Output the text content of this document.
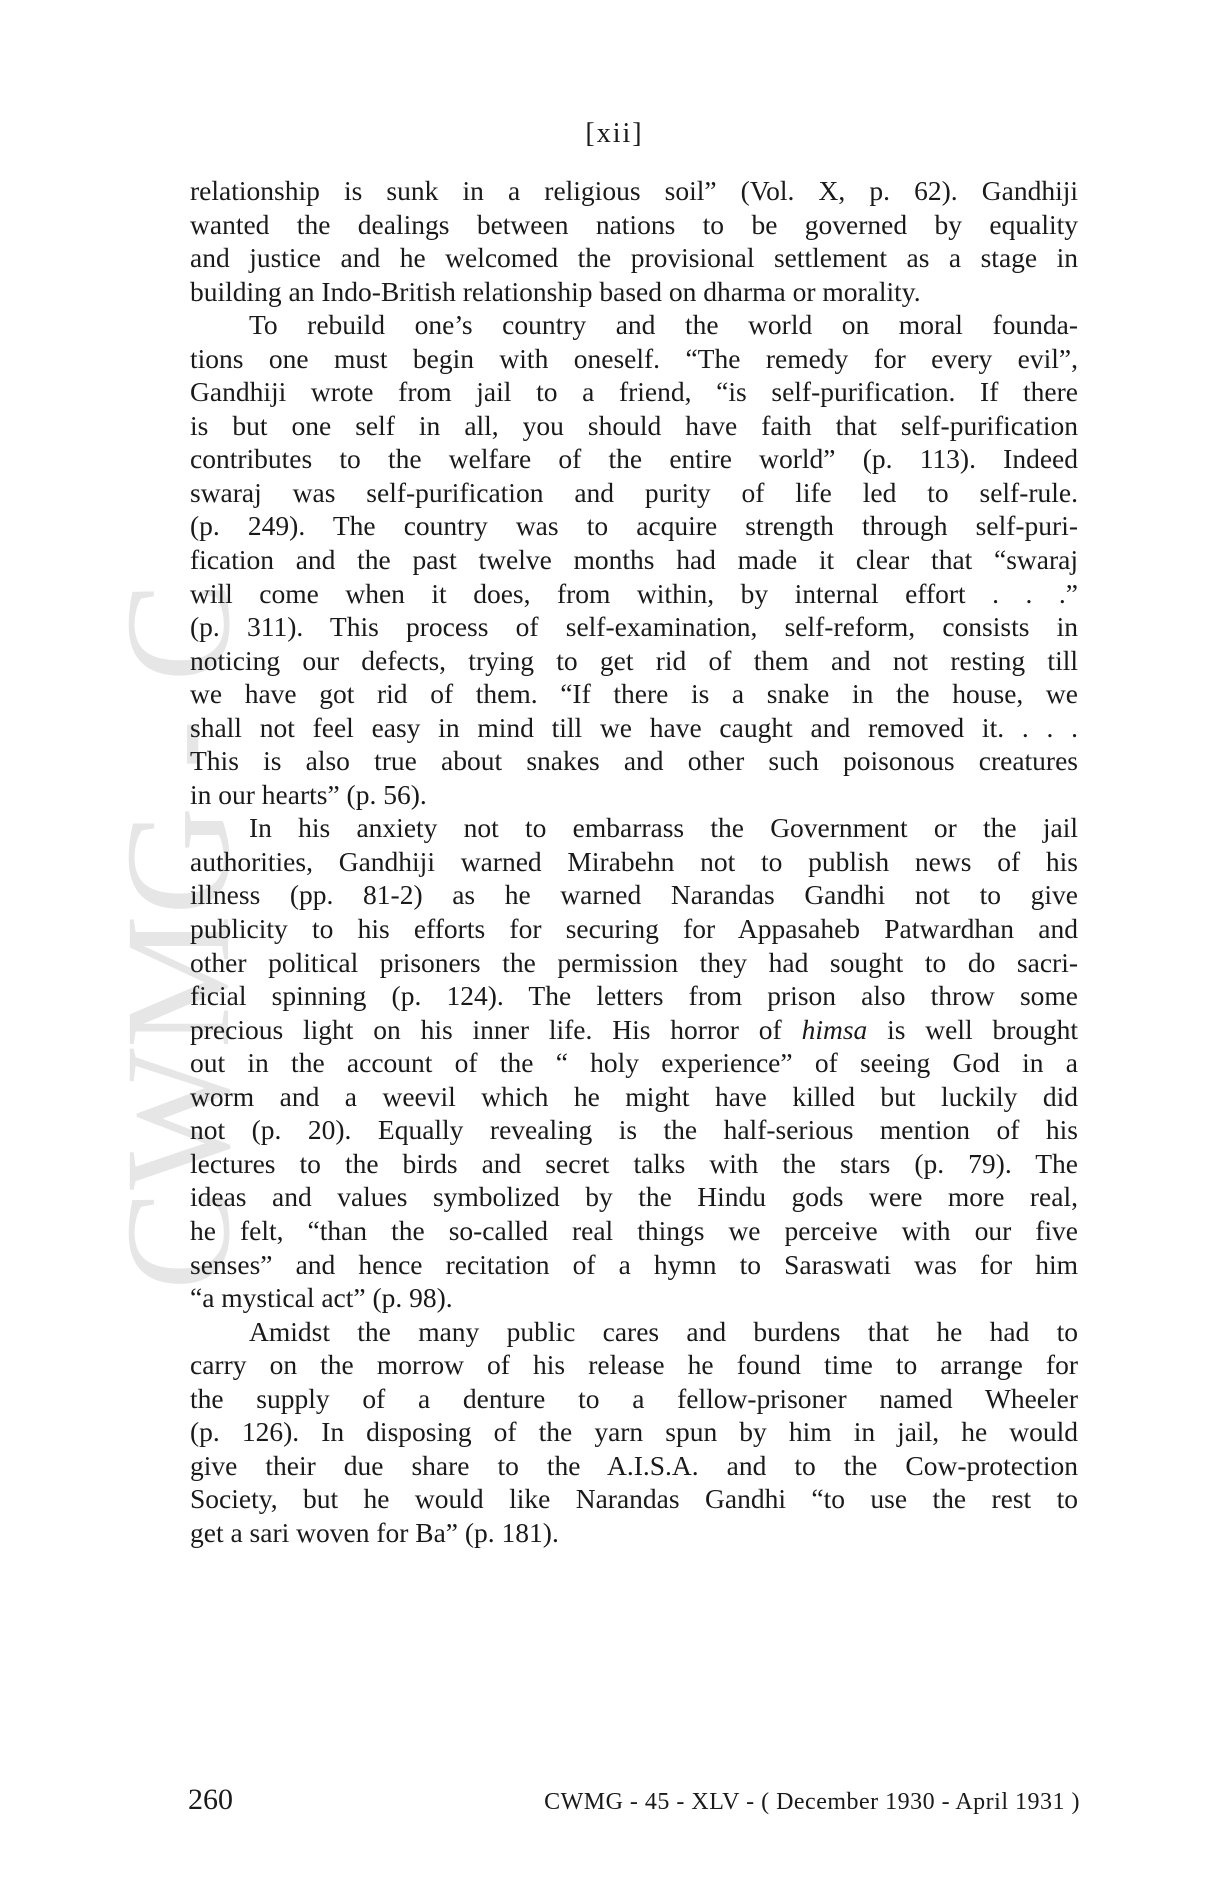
CWMG - C
[xii]
relationship is sunk in a religious soil” (Vol. X, p. 62). Gandhiji
wanted the dealings between nations to be governed by equality
and justice and he welcomed the provisional settlement as a stage in
building an Indo-British relationship based on dharma or morality.
To rebuild one’s country and the world on moral founda-
tions one must begin with oneself. “The remedy for every evil”,
Gandhiji wrote from jail to a friend, “is self-purification. If there
is but one self in all, you should have faith that self-purification
contributes to the welfare of the entire world” (p. 113). Indeed
swaraj was self-purification and purity of life led to self-rule.
(p. 249). The country was to acquire strength through self-puri-
fication and the past twelve months had made it clear that “swaraj
will come when it does, from within, by internal effort . . .”
(p. 311). This process of self-examination, self-reform, consists in
noticing our defects, trying to get rid of them and not resting till
we have got rid of them. “If there is a snake in the house, we
shall not feel easy in mind till we have caught and removed it. . . .
This is also true about snakes and other such poisonous creatures
in our hearts” (p. 56).
In his anxiety not to embarrass the Government or the jail
authorities, Gandhiji warned Mirabehn not to publish news of his
illness (pp. 81-2) as he warned Narandas Gandhi not to give
publicity to his efforts for securing for Appasaheb Patwardhan and
other political prisoners the permission they had sought to do sacri-
ficial spinning (p. 124). The letters from prison also throw some
precious light on his inner life. His horror of himsa is well brought
out in the account of the “ holy experience” of seeing God in a
worm and a weevil which he might have killed but luckily did
not (p. 20). Equally revealing is the half-serious mention of his
lectures to the birds and secret talks with the stars (p. 79). The
ideas and values symbolized by the Hindu gods were more real,
he felt, “than the so-called real things we perceive with our five
senses” and hence recitation of a hymn to Saraswati was for him
“a mystical act” (p. 98).
Amidst the many public cares and burdens that he had to
carry on the morrow of his release he found time to arrange for
the supply of a denture to a fellow-prisoner named Wheeler
(p. 126). In disposing of the yarn spun by him in jail, he would
give their due share to the A.I.S.A. and to the Cow-protection
Society, but he would like Narandas Gandhi “to use the rest to
get a sari woven for Ba” (p. 181).
260	CWMG - 45 - XLV - ( December 1930 - April 1931 )
